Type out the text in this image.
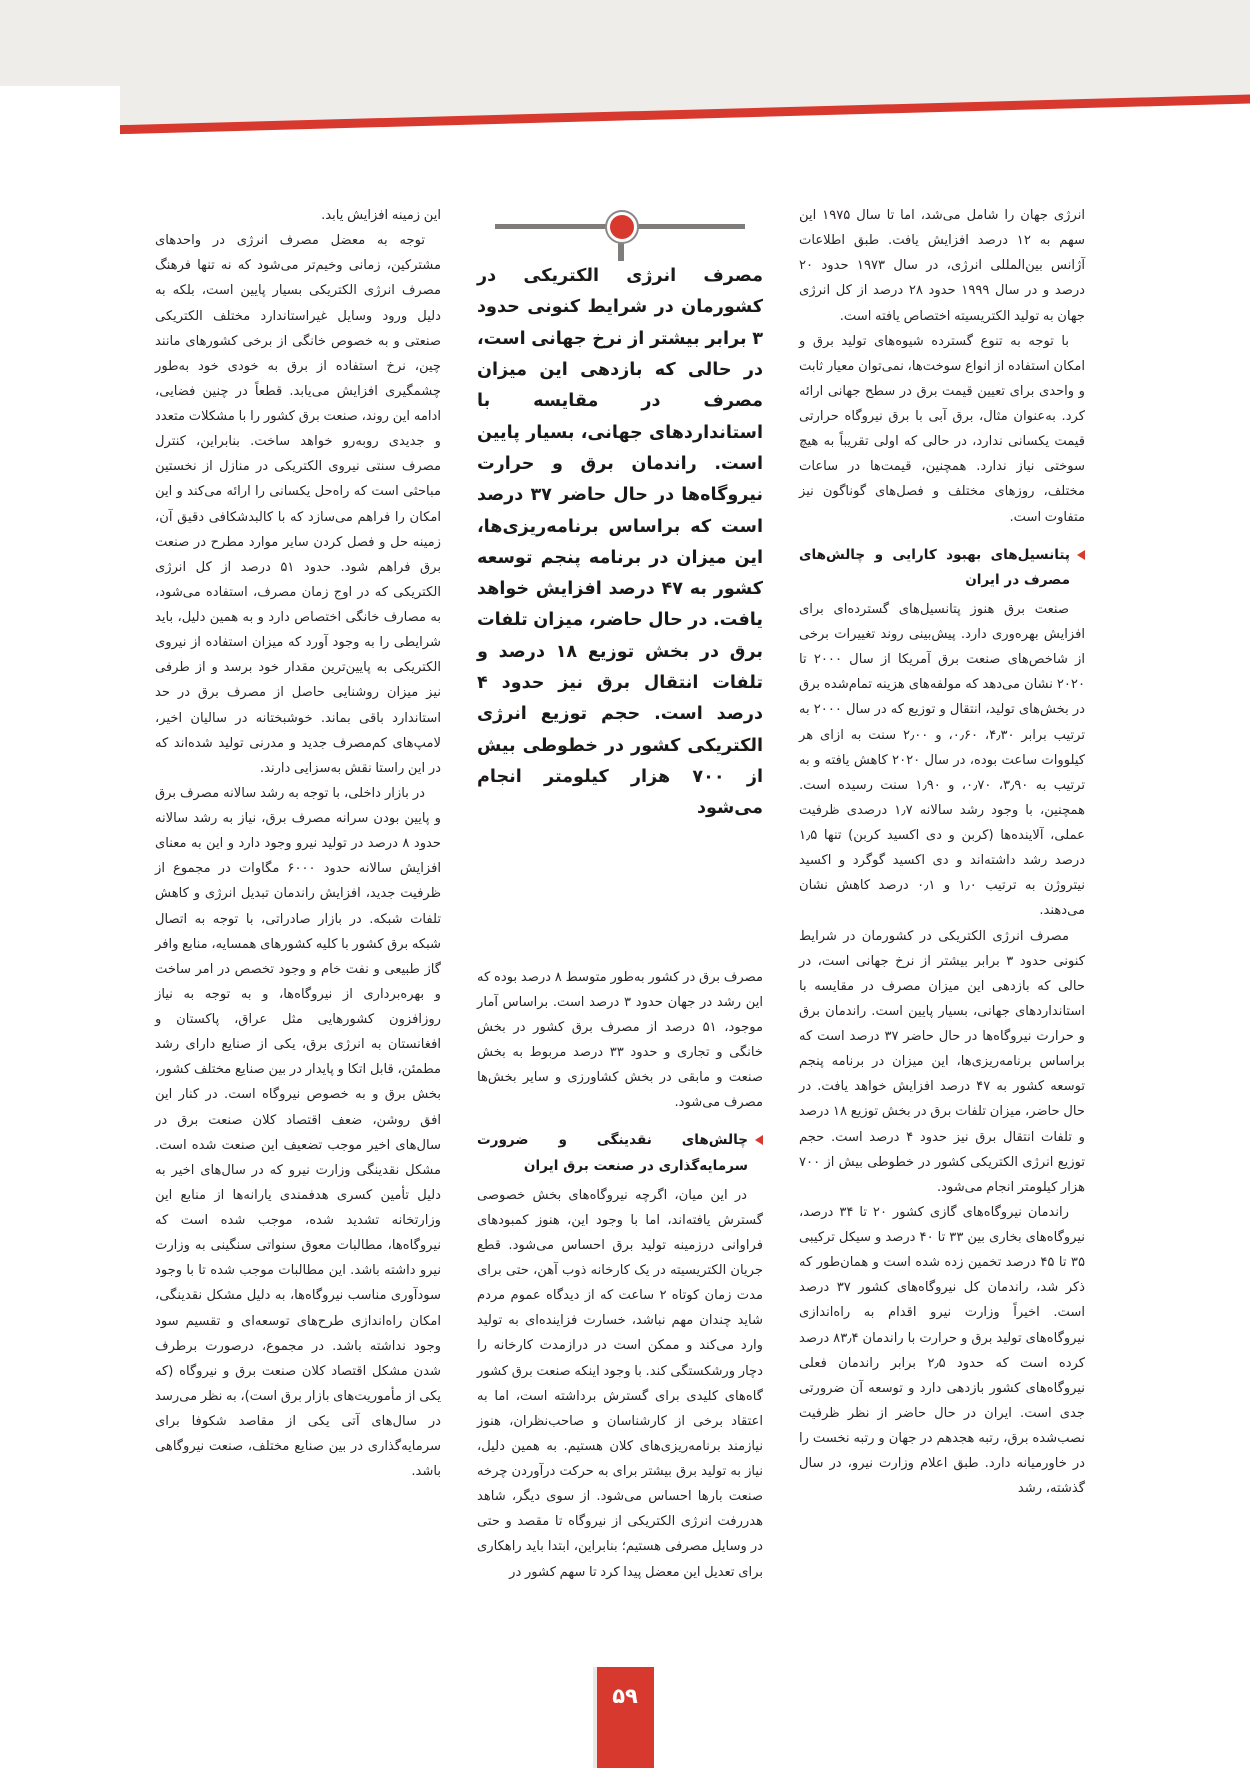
انرژی جهان را شامل می‌شد، اما تا سال ۱۹۷۵ این سهم به ۱۲ درصد افزایش یافت. طبق اطلاعات آژانس بین‌المللی انرژی، در سال ۱۹۷۳ حدود ۲۰ درصد و در سال ۱۹۹۹ حدود ۲۸ درصد از کل انرژی جهان به تولید الکتریسیته اختصاص یافته است.

با توجه به تنوع گسترده شیوه‌های تولید برق و امکان استفاده از انواع سوخت‌ها، نمی‌توان معیار ثابت و واحدی برای تعیین قیمت برق در سطح جهانی ارائه کرد. به‌عنوان مثال، برق آبی با برق نیروگاه حرارتی قیمت یکسانی ندارد، در حالی که اولی تقریباً به هیچ سوختی نیاز ندارد. همچنین، قیمت‌ها در ساعات مختلف، روزهای مختلف و فصل‌های گوناگون نیز متفاوت است.

پتانسیل‌های بهبود کارایی و چالش‌های مصرف در ایران

صنعت برق هنوز پتانسیل‌های گسترده‌ای برای افزایش بهره‌وری دارد. پیش‌بینی روند تغییرات برخی از شاخص‌های صنعت برق آمریکا از سال ۲۰۰۰ تا ۲۰۲۰ نشان می‌دهد که مولفه‌های هزینه تمام‌شده برق در بخش‌های تولید، انتقال و توزیع که در سال ۲۰۰۰ به ترتیب برابر ۴٫۳۰، ۰٫۶۰، و ۲٫۰۰ سنت به ازای هر کیلووات ساعت بوده، در سال ۲۰۲۰ کاهش یافته و به ترتیب به ۳٫۹۰، ۰٫۷۰، و ۱٫۹۰ سنت رسیده است. همچنین، با وجود رشد سالانه ۱٫۷ درصدی ظرفیت عملی، آلاینده‌ها (کربن و دی اکسید کربن) تنها ۱٫۵ درصد رشد داشته‌اند و دی اکسید گوگرد و اکسید نیتروژن به ترتیب ۱٫۰ و ۰٫۱ درصد کاهش نشان می‌دهند.

مصرف انرژی الکتریکی در کشورمان در شرایط کنونی حدود ۳ برابر بیشتر از نرخ جهانی است، در حالی که بازدهی این میزان مصرف در مقایسه با استانداردهای جهانی، بسیار پایین است. راندمان برق و حرارت نیروگاه‌ها در حال حاضر ۳۷ درصد است که براساس برنامه‌ریزی‌ها، این میزان در برنامه پنجم توسعه کشور به ۴۷ درصد افزایش خواهد یافت. در حال حاضر، میزان تلفات برق در بخش توزیع ۱۸ درصد و تلفات انتقال برق نیز حدود ۴ درصد است. حجم توزیع انرژی الکتریکی کشور در خطوطی بیش از ۷۰۰ هزار کیلومتر انجام می‌شود.

راندمان نیروگاه‌های گازی کشور ۲۰ تا ۳۴ درصد، نیروگاه‌های بخاری بین ۳۳ تا ۴۰ درصد و سیکل ترکیبی ۳۵ تا ۴۵ درصد تخمین زده شده است و همان‌طور که ذکر شد، راندمان کل نیروگاه‌های کشور ۳۷ درصد است. اخیراً وزارت نیرو اقدام به راه‌اندازی نیروگاه‌های تولید برق و حرارت با راندمان ۸۳٫۴ درصد کرده است که حدود ۲٫۵ برابر راندمان فعلی نیروگاه‌های کشور بازدهی دارد و توسعه آن ضرورتی جدی است. ایران در حال حاضر از نظر ظرفیت نصب‌شده برق، رتبه هجدهم در جهان و رتبه نخست را در خاورمیانه دارد. طبق اعلام وزارت نیرو، در سال گذشته، رشد

مصرف انرژی الکتریکی در کشورمان در شرایط کنونی حدود ۳ برابر بیشتر از نرخ جهانی است، در حالی که بازدهی این میزان مصرف در مقایسه با استانداردهای جهانی، بسیار پایین است. راندمان برق و حرارت نیروگاه‌ها در حال حاضر ۳۷ درصد است که براساس برنامه‌ریزی‌ها، این میزان در برنامه پنجم توسعه کشور به ۴۷ درصد افزایش خواهد یافت. در حال حاضر، میزان تلفات برق در بخش توزیع ۱۸ درصد و تلفات انتقال برق نیز حدود ۴ درصد است. حجم توزیع انرژی الکتریکی کشور در خطوطی بیش از ۷۰۰ هزار کیلومتر انجام می‌شود

مصرف برق در کشور به‌طور متوسط ۸ درصد بوده که این رشد در جهان حدود ۳ درصد است. براساس آمار موجود، ۵۱ درصد از مصرف برق کشور در بخش خانگی و تجاری و حدود ۳۳ درصد مربوط به بخش صنعت و مابقی در بخش کشاورزی و سایر بخش‌ها مصرف می‌شود.

چالش‌های نقدینگی و ضرورت سرمایه‌گذاری در صنعت برق ایران

در این میان، اگرچه نیروگاه‌های بخش خصوصی گسترش یافته‌اند، اما با وجود این، هنوز کمبودهای فراوانی درزمینه تولید برق احساس می‌شود. قطع جریان الکتریسیته در یک کارخانه ذوب آهن، حتی برای مدت زمان کوتاه ۲ ساعت که از دیدگاه عموم مردم شاید چندان مهم نباشد، خسارت فزاینده‌ای به تولید وارد می‌کند و ممکن است در درازمدت کارخانه را دچار ورشکستگی کند. با وجود اینکه صنعت برق کشور گاه‌های کلیدی برای گسترش برداشته است، اما به اعتقاد برخی از کارشناسان و صاحب‌نظران، هنوز نیازمند برنامه‌ریزی‌های کلان هستیم. به همین دلیل، نیاز به تولید برق بیشتر برای به حرکت درآوردن چرخه صنعت بارها احساس می‌شود. از سوی دیگر، شاهد هدررفت انرژی الکتریکی از نیروگاه تا مقصد و حتی در وسایل مصرفی هستیم؛ بنابراین، ابتدا باید راهکاری برای تعدیل این معضل پیدا کرد تا سهم کشور در

این زمینه افزایش یابد.

توجه به معضل مصرف انرژی در واحدهای مشترکین، زمانی وخیم‌تر می‌شود که نه تنها فرهنگ مصرف انرژی الکتریکی بسیار پایین است، بلکه به دلیل ورود وسایل غیراستاندارد مختلف الکتریکی صنعتی و به خصوص خانگی از برخی کشورهای مانند چین، نرخ استفاده از برق به خودی خود به‌طور چشمگیری افزایش می‌یابد. قطعاً در چنین فضایی، ادامه این روند، صنعت برق کشور را با مشکلات متعدد و جدیدی روبه‌رو خواهد ساخت. بنابراین، کنترل مصرف سنتی نیروی الکتریکی در منازل از نخستین مباحثی است که راه‌حل یکسانی را ارائه می‌کند و این امکان را فراهم می‌سازد که با کالبدشکافی دقیق آن، زمینه حل و فصل کردن سایر موارد مطرح در صنعت برق فراهم شود. حدود ۵۱ درصد از کل انرژی الکتریکی که در اوج زمان مصرف، استفاده می‌شود، به مصارف خانگی اختصاص دارد و به همین دلیل، باید شرایطی را به وجود آورد که میزان استفاده از نیروی الکتریکی به پایین‌ترین مقدار خود برسد و از طرفی نیز میزان روشنایی حاصل از مصرف برق در حد استاندارد باقی بماند. خوشبختانه در سالیان اخیر، لامپ‌های کم‌مصرف جدید و مدرنی تولید شده‌اند که در این راستا نقش به‌سزایی دارند.

در بازار داخلی، با توجه به رشد سالانه مصرف برق و پایین بودن سرانه مصرف برق، نیاز به رشد سالانه حدود ۸ درصد در تولید نیرو وجود دارد و این به معنای افزایش سالانه حدود ۶۰۰۰ مگاوات در مجموع از ظرفیت جدید، افزایش راندمان تبدیل انرژی و کاهش تلفات شبکه. در بازار صادراتی، با توجه به اتصال شبکه برق کشور با کلیه کشورهای همسایه، منابع وافر گاز طبیعی و نفت خام و وجود تخصص در امر ساخت و بهره‌برداری از نیروگاه‌ها، و به توجه به نیاز روزافزون کشورهایی مثل عراق، پاکستان و افغانستان به انرژی برق، یکی از صنایع دارای رشد مطمئن، قابل اتکا و پایدار در بین صنایع مختلف کشور، بخش برق و به خصوص نیروگاه است. در کنار این افق روشن، ضعف اقتصاد کلان صنعت برق در سال‌های اخیر موجب تضعیف این صنعت شده است. مشکل نقدینگی وزارت نیرو که در سال‌های اخیر به دلیل تأمین کسری هدفمندی یارانه‌ها از منابع این وزارتخانه تشدید شده، موجب شده است که نیروگاه‌ها، مطالبات معوق سنواتی سنگینی به وزارت نیرو داشته باشد. این مطالبات موجب شده تا با وجود سودآوری مناسب نیروگاه‌ها، به دلیل مشکل نقدینگی، امکان راه‌اندازی طرح‌های توسعه‌ای و تقسیم سود وجود نداشته باشد. در مجموع، درصورت برطرف شدن مشکل اقتصاد کلان صنعت برق و نیروگاه (که یکی از مأموریت‌های بازار برق است)، به نظر می‌رسد در سال‌های آتی یکی از مقاصد شکوفا برای سرمایه‌گذاری در بین صنایع مختلف، صنعت نیروگاهی باشد.

۵۹
